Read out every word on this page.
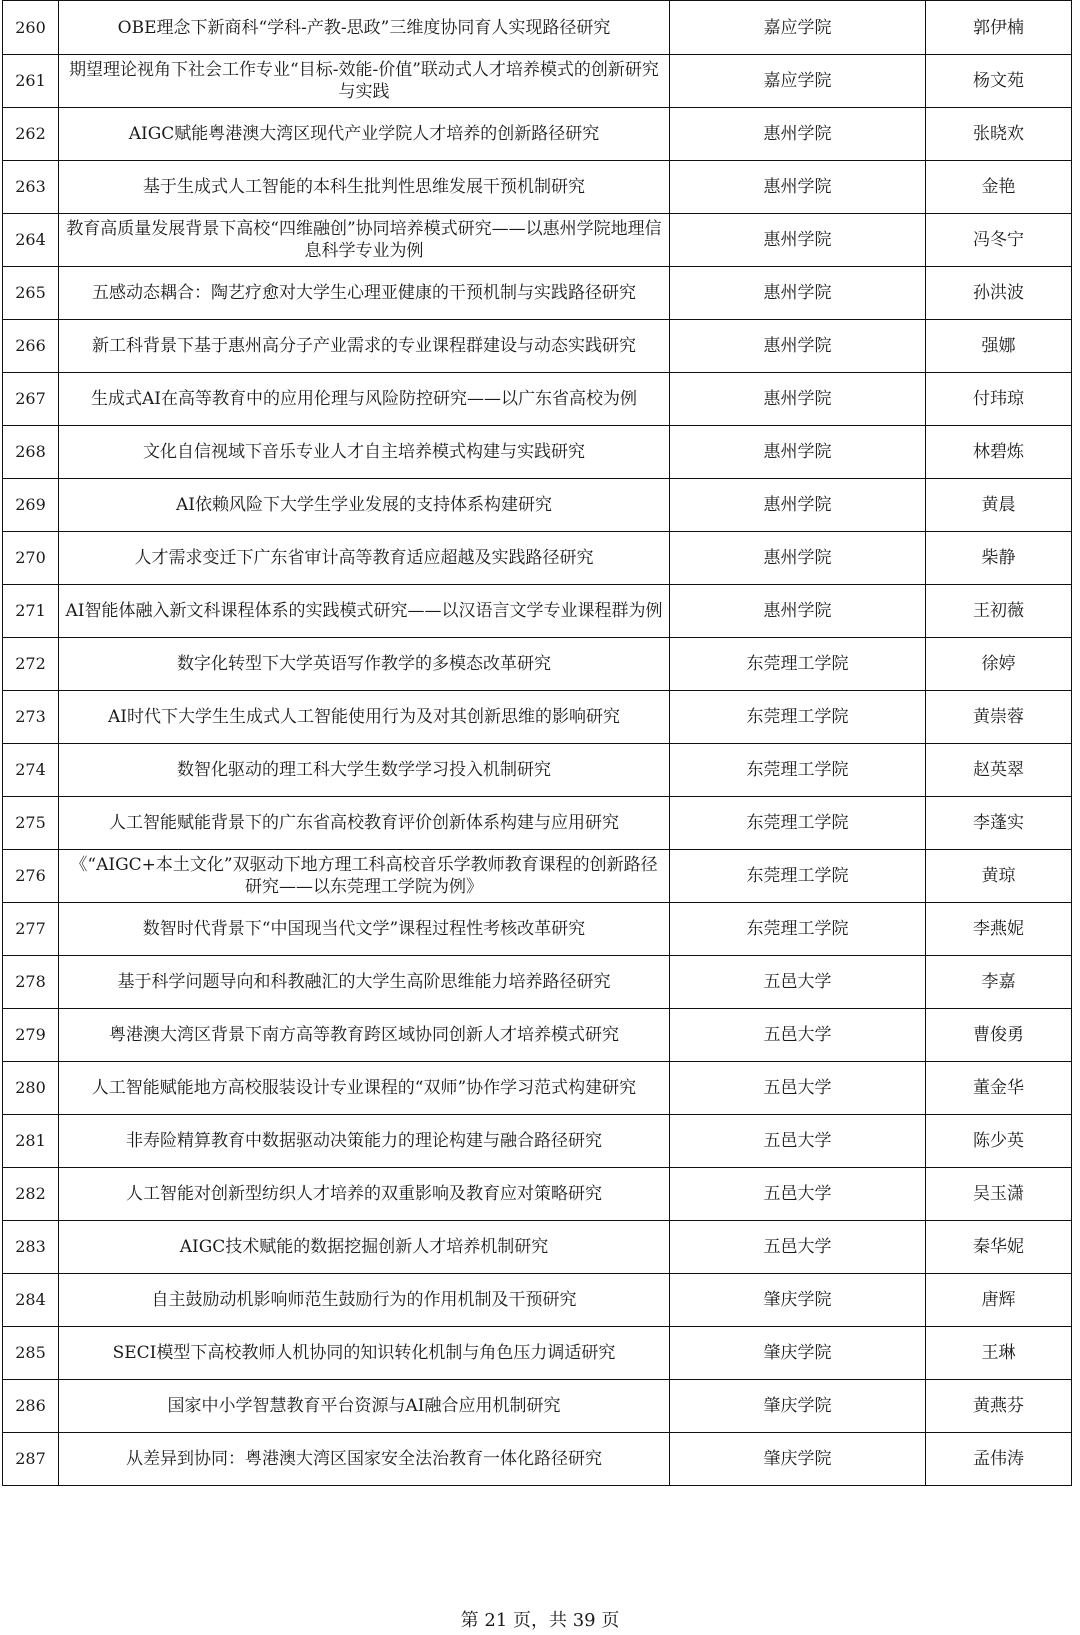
260	OBE理念下新商科“学科-产教-思政”三维度协同育人实现路径研究	嘉应学院	郭伊楠
261	期望理论视角下社会工作专业“目标-效能-价值”联动式人才培养模式的创新研究与实践	嘉应学院	杨文苑
262	AIGC赋能粤港澳大湾区现代产业学院人才培养的创新路径研究	惠州学院	张晓欢
263	基于生成式人工智能的本科生批判性思维发展干预机制研究	惠州学院	金艳
264	教育高质量发展背景下高校“四维融创”协同培养模式研究——以惠州学院地理信息科学专业为例	惠州学院	冯冬宁
265	五感动态耦合：陶艺疗愈对大学生心理亚健康的干预机制与实践路径研究	惠州学院	孙洪波
266	新工科背景下基于惠州高分子产业需求的专业课程群建设与动态实践研究	惠州学院	强娜
267	生成式AI在高等教育中的应用伦理与风险防控研究——以广东省高校为例	惠州学院	付玮琼
268	文化自信视域下音乐专业人才自主培养模式构建与实践研究	惠州学院	林碧炼
269	AI依赖风险下大学生学业发展的支持体系构建研究	惠州学院	黄晨
270	人才需求变迁下广东省审计高等教育适应超越及实践路径研究	惠州学院	柴静
271	AI智能体融入新文科课程体系的实践模式研究——以汉语言文学专业课程群为例	惠州学院	王初薇
272	数字化转型下大学英语写作教学的多模态改革研究	东莞理工学院	徐婷
273	AI时代下大学生生成式人工智能使用行为及对其创新思维的影响研究	东莞理工学院	黄崇蓉
274	数智化驱动的理工科大学生数学学习投入机制研究	东莞理工学院	赵英翠
275	人工智能赋能背景下的广东省高校教育评价创新体系构建与应用研究	东莞理工学院	李蓬实
276	《“AIGC+本土文化”双驱动下地方理工科高校音乐学教师教育课程的创新路径研究——以东莞理工学院为例》	东莞理工学院	黄琼
277	数智时代背景下“中国现当代文学”课程过程性考核改革研究	东莞理工学院	李燕妮
278	基于科学问题导向和科教融汇的大学生高阶思维能力培养路径研究	五邑大学	李嘉
279	粤港澳大湾区背景下南方高等教育跨区域协同创新人才培养模式研究	五邑大学	曹俊勇
280	人工智能赋能地方高校服装设计专业课程的“双师”协作学习范式构建研究	五邑大学	董金华
281	非寿险精算教育中数据驱动决策能力的理论构建与融合路径研究	五邑大学	陈少英
282	人工智能对创新型纺织人才培养的双重影响及教育应对策略研究	五邑大学	吴玉潇
283	AIGC技术赋能的数据挖掘创新人才培养机制研究	五邑大学	秦华妮
284	自主鼓励动机影响师范生鼓励行为的作用机制及干预研究	肇庆学院	唐辉
285	SECI模型下高校教师人机协同的知识转化机制与角色压力调适研究	肇庆学院	王琳
286	国家中小学智慧教育平台资源与AI融合应用机制研究	肇庆学院	黄燕芬
287	从差异到协同：粤港澳大湾区国家安全法治教育一体化路径研究	肇庆学院	孟伟涛
第 21 页，共 39 页
